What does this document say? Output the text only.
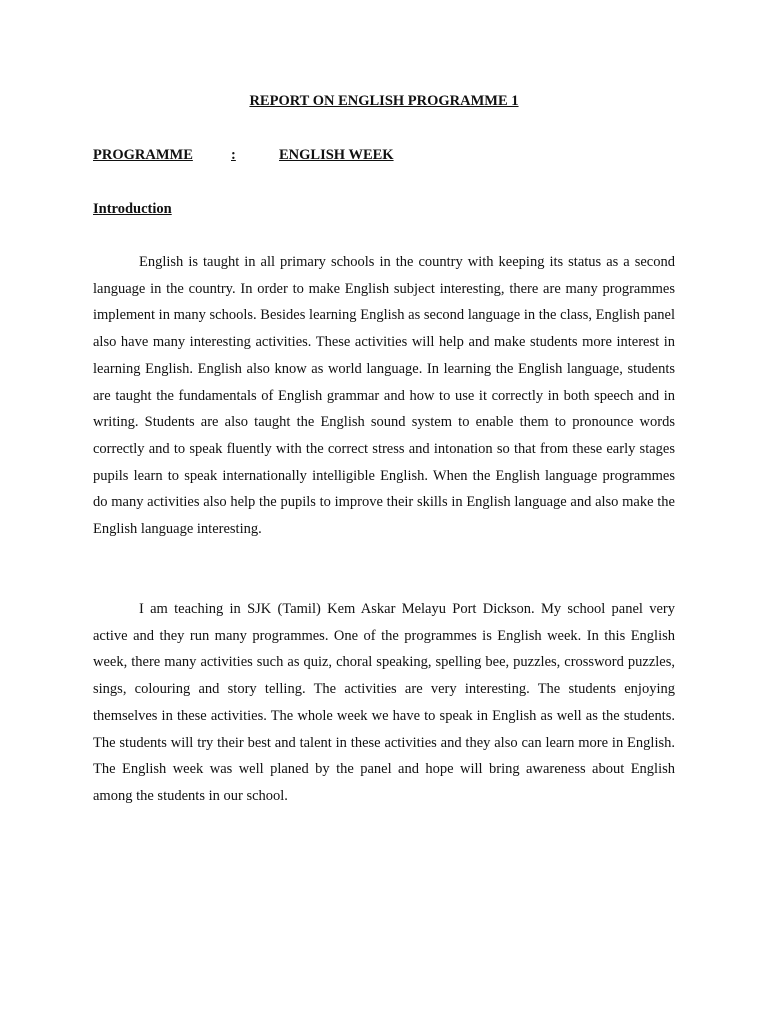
REPORT ON ENGLISH PROGRAMME 1
PROGRAMME	:	ENGLISH WEEK
Introduction

English is taught in all primary schools in the country with keeping its status as a second language in the country. In order to make English subject interesting, there are many programmes implement in many schools. Besides learning English as second language in the class, English panel also have many interesting activities. These activities will help and make students more interest in learning English. English also know as world language. In learning the English language, students are taught the fundamentals of English grammar and how to use it correctly in both speech and in writing. Students are also taught the English sound system to enable them to pronounce words correctly and to speak fluently with the correct stress and intonation so that from these early stages pupils learn to speak internationally intelligible English. When the English language programmes do many activities also help the pupils to improve their skills in English language and also make the English language interesting.

I am teaching in SJK (Tamil) Kem Askar Melayu Port Dickson. My school panel very active and they run many programmes. One of the programmes is English week. In this English week, there many activities such as quiz, choral speaking, spelling bee, puzzles, crossword puzzles, sings, colouring and story telling. The activities are very interesting. The students enjoying themselves in these activities. The whole week we have to speak in English as well as the students. The students will try their best and talent in these activities and they also can learn more in English. The English week was well planed by the panel and hope will bring awareness about English among the students in our school.
